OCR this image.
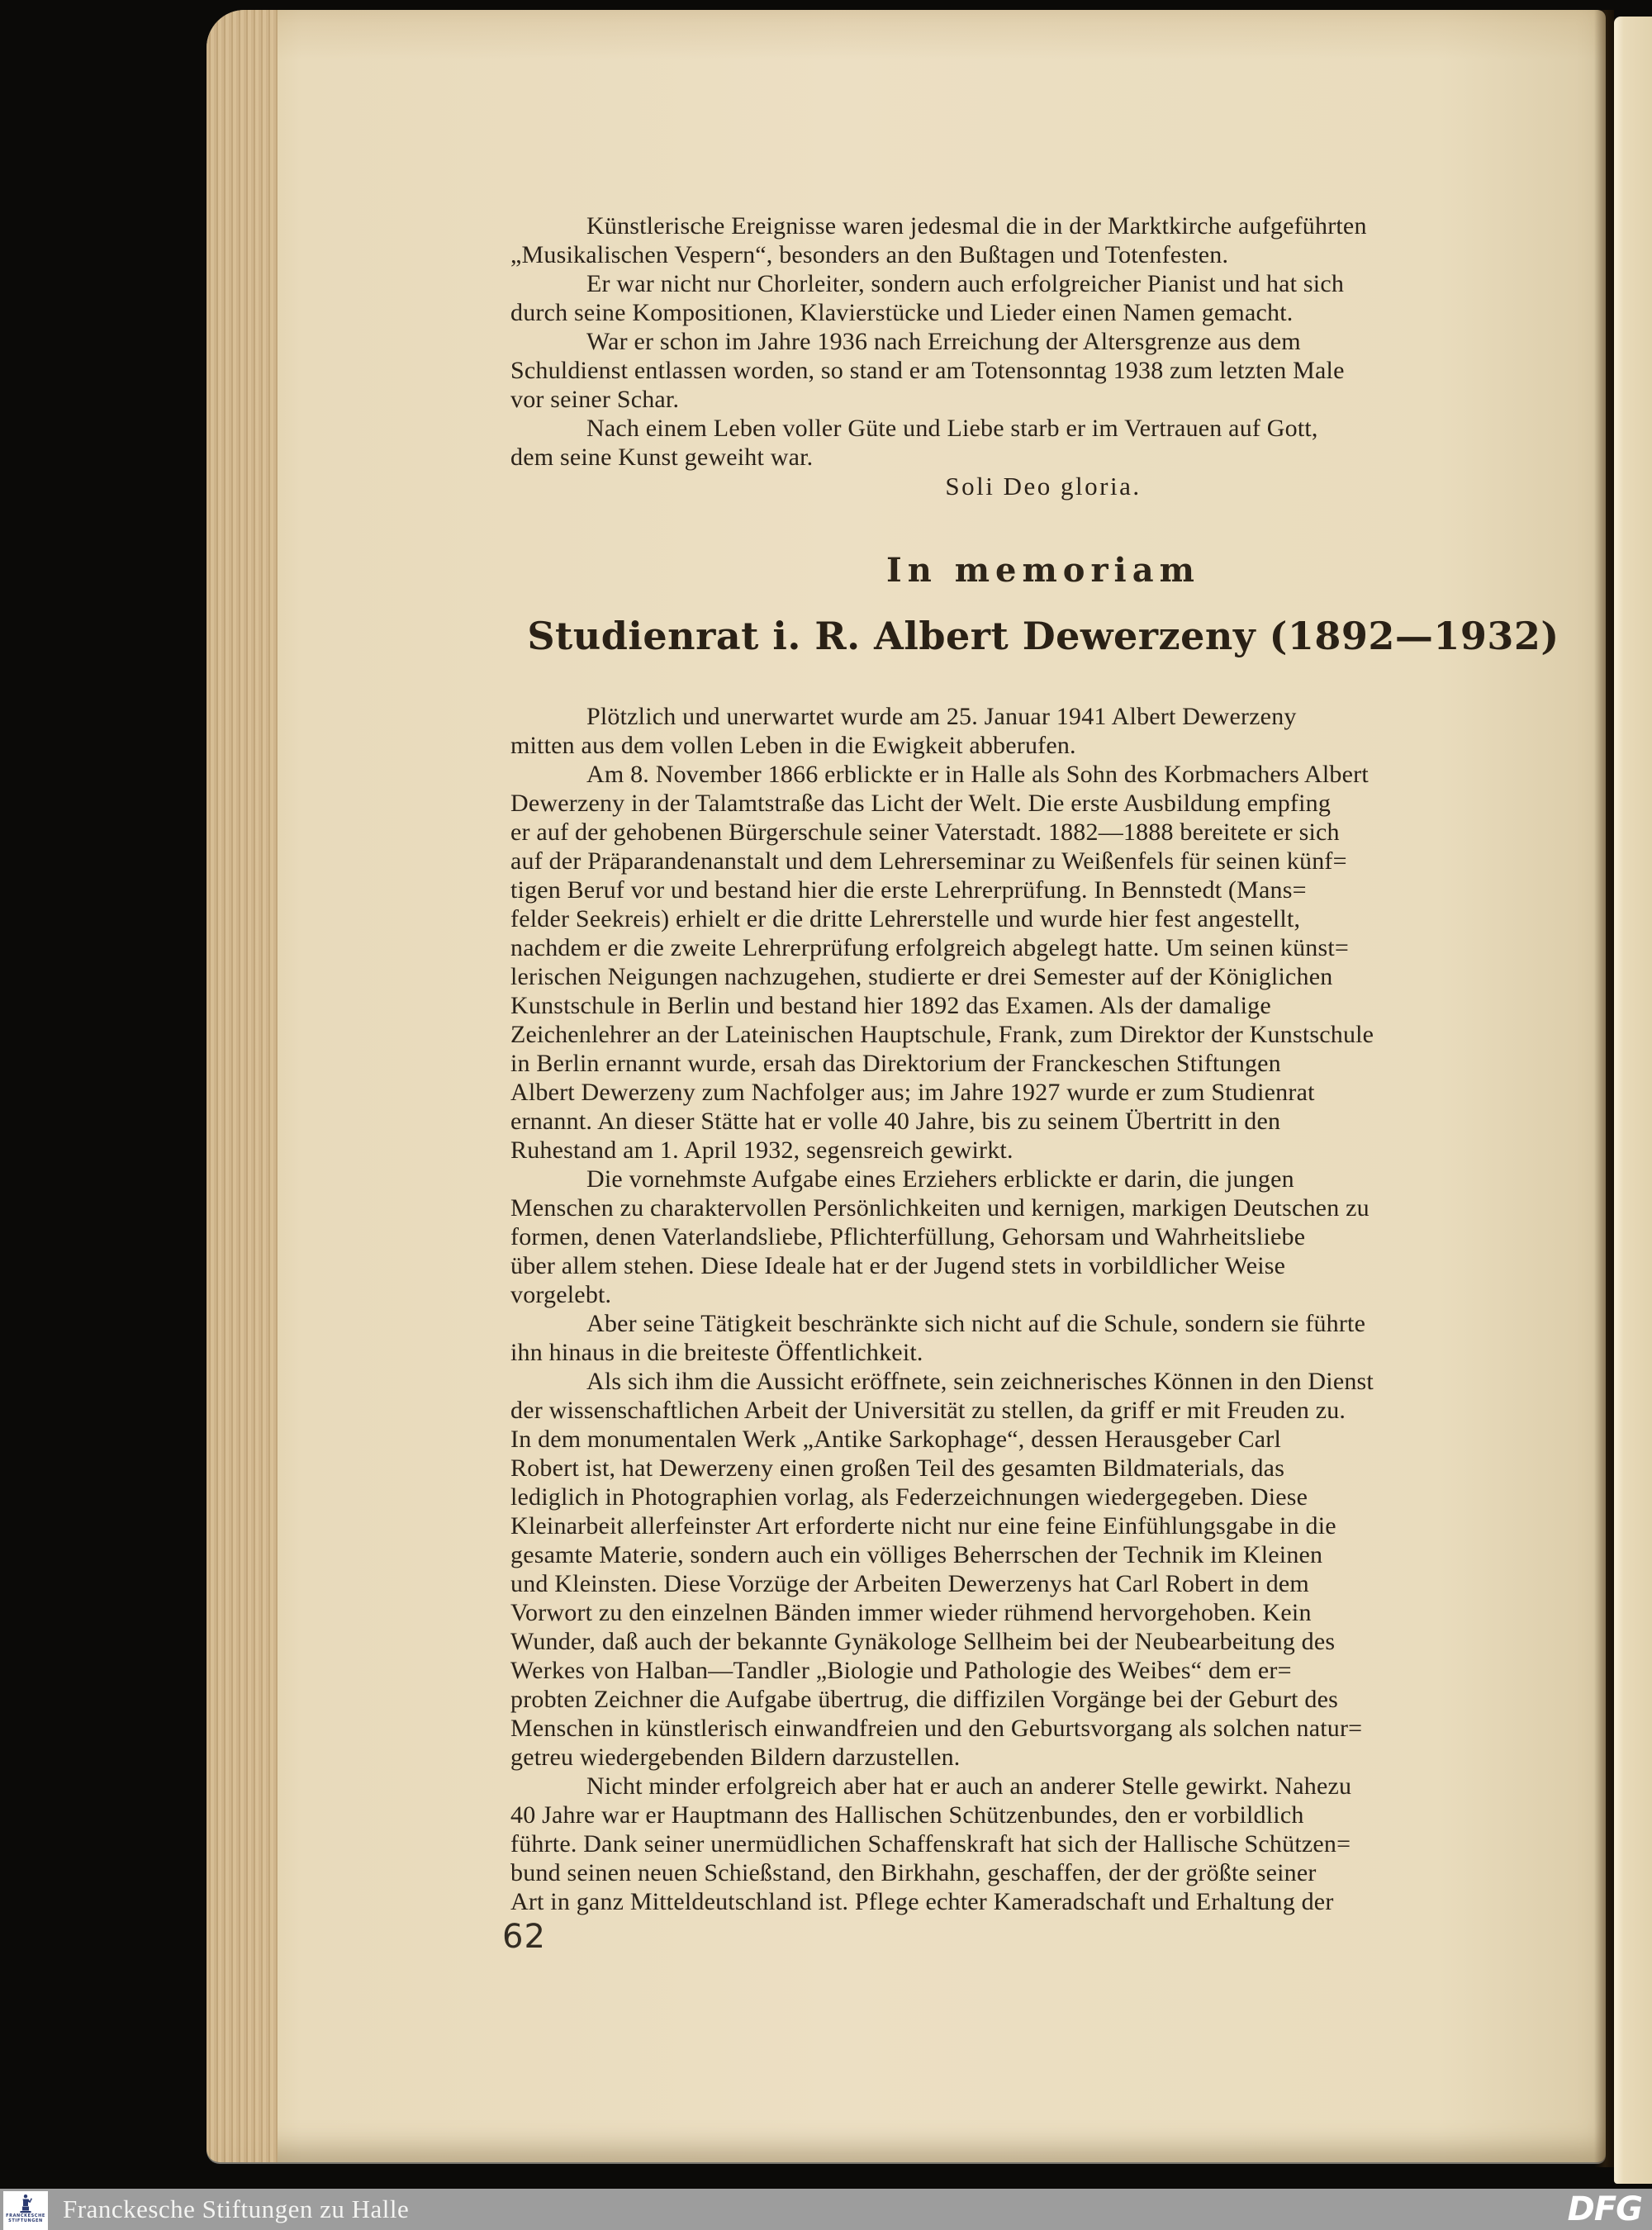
Künstlerische Ereignisse waren jedesmal die in der Marktkirche aufgeführten
„Musikalischen Vespern“, besonders an den Bußtagen und Totenfesten.
Er war nicht nur Chorleiter, sondern auch erfolgreicher Pianist und hat sich
durch seine Kompositionen, Klavierstücke und Lieder einen Namen gemacht.
War er schon im Jahre 1936 nach Erreichung der Altersgrenze aus dem
Schuldienst entlassen worden, so stand er am Totensonntag 1938 zum letzten Male
vor seiner Schar.
Nach einem Leben voller Güte und Liebe starb er im Vertrauen auf Gott,
dem seine Kunst geweiht war.
Soli Deo gloria.
In memoriam
Studienrat i. R. Albert Dewerzeny (1892—1932)
Plötzlich und unerwartet wurde am 25. Januar 1941 Albert Dewerzeny
mitten aus dem vollen Leben in die Ewigkeit abberufen.
Am 8. November 1866 erblickte er in Halle als Sohn des Korbmachers Albert
Dewerzeny in der Talamtstraße das Licht der Welt. Die erste Ausbildung empfing
er auf der gehobenen Bürgerschule seiner Vaterstadt. 1882—1888 bereitete er sich
auf der Präparandenanstalt und dem Lehrerseminar zu Weißenfels für seinen künf=
tigen Beruf vor und bestand hier die erste Lehrerprüfung. In Bennstedt (Mans=
felder Seekreis) erhielt er die dritte Lehrerstelle und wurde hier fest angestellt,
nachdem er die zweite Lehrerprüfung erfolgreich abgelegt hatte. Um seinen künst=
lerischen Neigungen nachzugehen, studierte er drei Semester auf der Königlichen
Kunstschule in Berlin und bestand hier 1892 das Examen. Als der damalige
Zeichenlehrer an der Lateinischen Hauptschule, Frank, zum Direktor der Kunstschule
in Berlin ernannt wurde, ersah das Direktorium der Franckeschen Stiftungen
Albert Dewerzeny zum Nachfolger aus; im Jahre 1927 wurde er zum Studienrat
ernannt. An dieser Stätte hat er volle 40 Jahre, bis zu seinem Übertritt in den
Ruhestand am 1. April 1932, segensreich gewirkt.
Die vornehmste Aufgabe eines Erziehers erblickte er darin, die jungen
Menschen zu charaktervollen Persönlichkeiten und kernigen, markigen Deutschen zu
formen, denen Vaterlandsliebe, Pflichterfüllung, Gehorsam und Wahrheitsliebe
über allem stehen. Diese Ideale hat er der Jugend stets in vorbildlicher Weise
vorgelebt.
Aber seine Tätigkeit beschränkte sich nicht auf die Schule, sondern sie führte
ihn hinaus in die breiteste Öffentlichkeit.
Als sich ihm die Aussicht eröffnete, sein zeichnerisches Können in den Dienst
der wissenschaftlichen Arbeit der Universität zu stellen, da griff er mit Freuden zu.
In dem monumentalen Werk „Antike Sarkophage“, dessen Herausgeber Carl
Robert ist, hat Dewerzeny einen großen Teil des gesamten Bildmaterials, das
lediglich in Photographien vorlag, als Federzeichnungen wiedergegeben. Diese
Kleinarbeit allerfeinster Art erforderte nicht nur eine feine Einfühlungsgabe in die
gesamte Materie, sondern auch ein völliges Beherrschen der Technik im Kleinen
und Kleinsten. Diese Vorzüge der Arbeiten Dewerzenys hat Carl Robert in dem
Vorwort zu den einzelnen Bänden immer wieder rühmend hervorgehoben. Kein
Wunder, daß auch der bekannte Gynäkologe Sellheim bei der Neubearbeitung des
Werkes von Halban—Tandler „Biologie und Pathologie des Weibes“ dem er=
probten Zeichner die Aufgabe übertrug, die diffizilen Vorgänge bei der Geburt des
Menschen in künstlerisch einwandfreien und den Geburtsvorgang als solchen natur=
getreu wiedergebenden Bildern darzustellen.
Nicht minder erfolgreich aber hat er auch an anderer Stelle gewirkt. Nahezu
40 Jahre war er Hauptmann des Hallischen Schützenbundes, den er vorbildlich
führte. Dank seiner unermüdlichen Schaffenskraft hat sich der Hallische Schützen=
bund seinen neuen Schießstand, den Birkhahn, geschaffen, der der größte seiner
Art in ganz Mitteldeutschland ist. Pflege echter Kameradschaft und Erhaltung der
62
FRANCKESCHE
STIFTUNGEN Franckesche Stiftungen zu Halle	DFG
